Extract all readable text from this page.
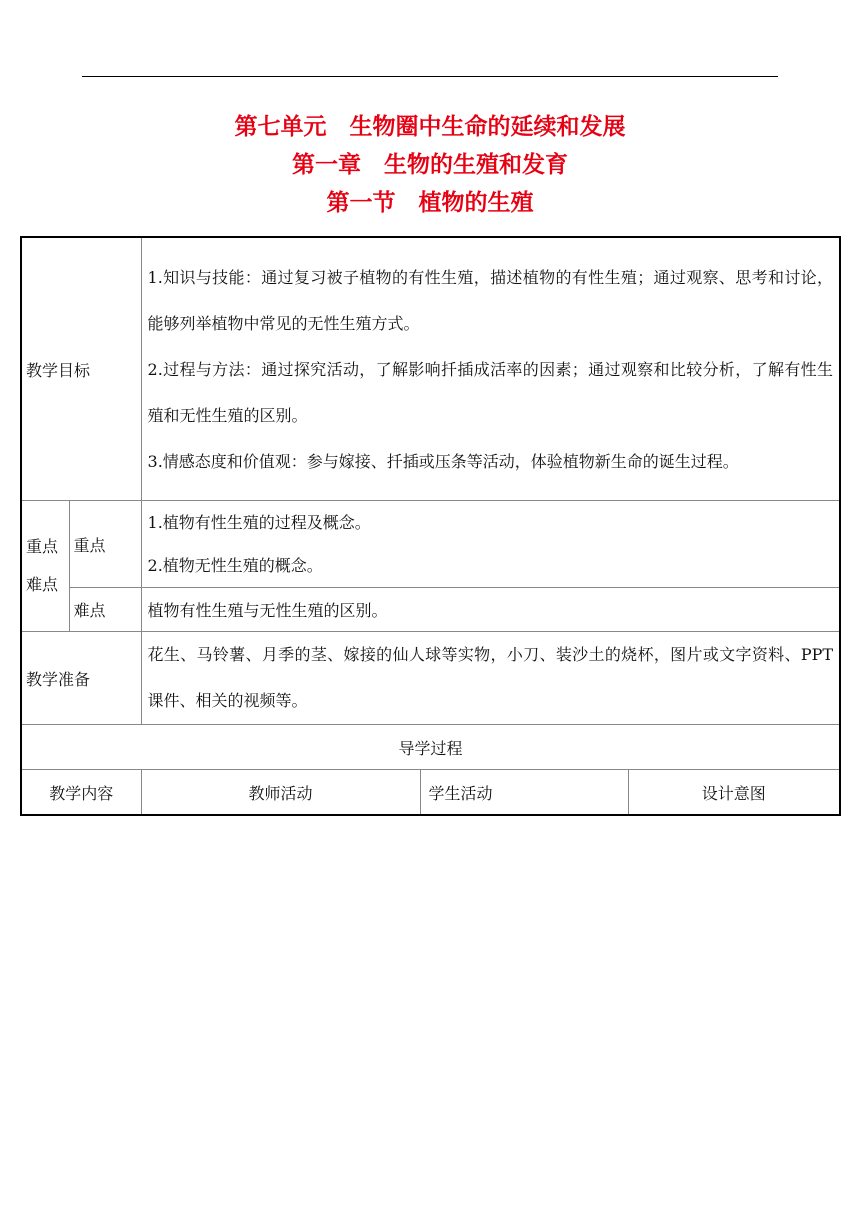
第七单元　生物圈中生命的延续和发展
第一章　生物的生殖和发育
第一节　植物的生殖
教学目标		1.知识与技能：通过复习被子植物的有性生殖，描述植物的有性生殖；通过观察、思考和讨论，能够列举植物中常见的无性生殖方式。

2.过程与方法：通过探究活动，了解影响扦插成活率的因素；通过观察和比较分析，了解有性生殖和无性生殖的区别。

3.情感态度和价值观：参与嫁接、扦插或压条等活动，体验植物新生命的诞生过程。		

重点难点	重点	1.植物有性生殖的过程及概念。

2.植物无性生殖的概念。		

	难点	植物有性生殖与无性生殖的区别。		
教学准备		花生、马铃薯、月季的茎、嫁接的仙人球等实物，小刀、装沙土的烧杯，图片或文字资料、PPT课件、相关的视频等。		

导学过程				
教学内容		教师活动	学生活动	设计意图
